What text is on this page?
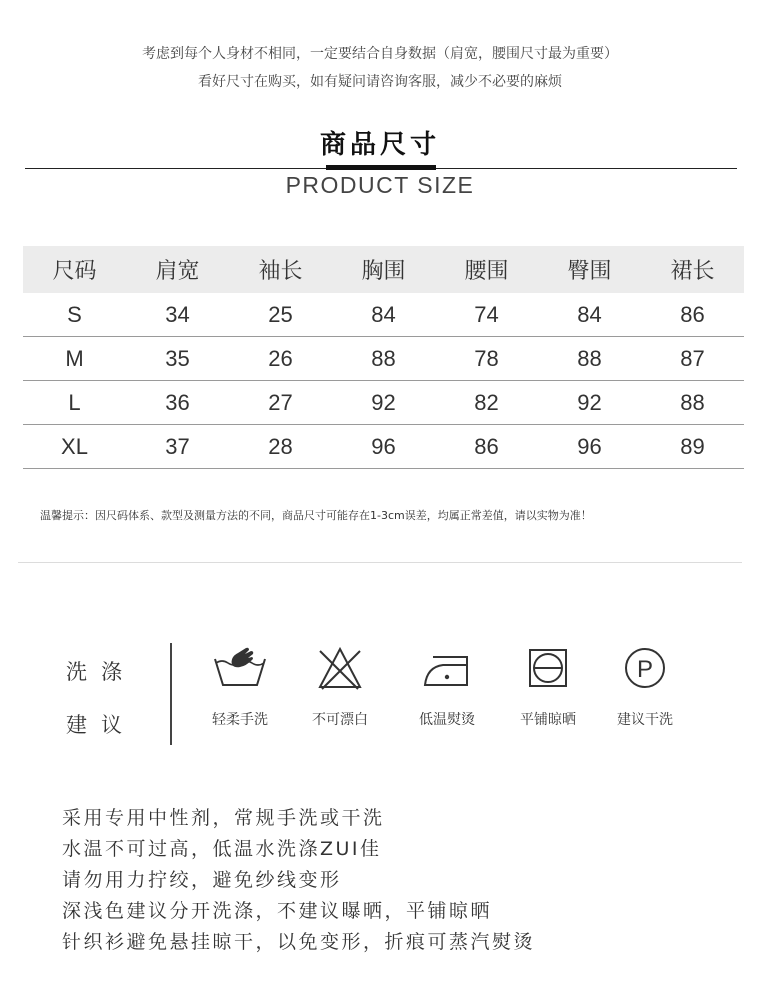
考虑到每个人身材不相同，一定要结合自身数据（肩宽，腰围尺寸最为重要）
看好尺寸在购买，如有疑问请咨询客服，减少不必要的麻烦
商品尺寸
PRODUCT SIZE
尺码	肩宽	袖长	胸围	腰围	臀围	裙长
S	34	25	84	74	84	86
M	35	26	88	78	88	87
L	36	27	92	82	92	88
XL	37	28	96	86	96	89
温馨提示：因尺码体系、款型及测量方法的不同，商品尺寸可能存在1-3cm误差，均属正常差值，请以实物为准！
洗涤
建议	轻柔手洗	不可漂白	低温熨烫	平铺晾晒
P
建议干洗
采用专用中性剂，常规手洗或干洗
水温不可过高，低温水洗涤ZUI佳
请勿用力拧绞，避免纱线变形
深浅色建议分开洗涤，不建议曝晒，平铺晾晒
针织衫避免悬挂晾干，以免变形，折痕可蒸汽熨烫
